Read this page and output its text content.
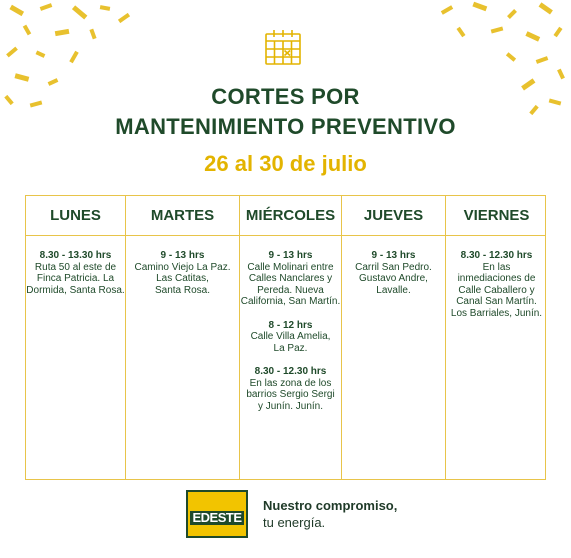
CORTES POR
MANTENIMIENTO PREVENTIVO
26 al 30 de julio
LUNES
8.30 - 13.30 hrs
Ruta 50 al este de
Finca Patricia. La
Dormida, Santa Rosa.
MARTES
9 - 13 hrs
Camino Viejo La Paz.
Las Catitas,
Santa Rosa.
MIÉRCOLES
9 - 13 hrs
Calle Molinari entre
Calles Nanclares y
Pereda. Nueva
California, San Martín.
8 - 12 hrs
Calle Villa Amelia,
La Paz.
8.30 - 12.30 hrs
En las zona de los
barrios Sergio Sergi
y Junín. Junín.
JUEVES
9 - 13 hrs
Carril San Pedro.
Gustavo Andre,
Lavalle.
VIERNES
8.30 - 12.30 hrs
En las
inmediaciones de
Calle Caballero y
Canal San Martín.
Los Barriales, Junín.
EDESTE
Nuestro compromiso,
tu energía.
